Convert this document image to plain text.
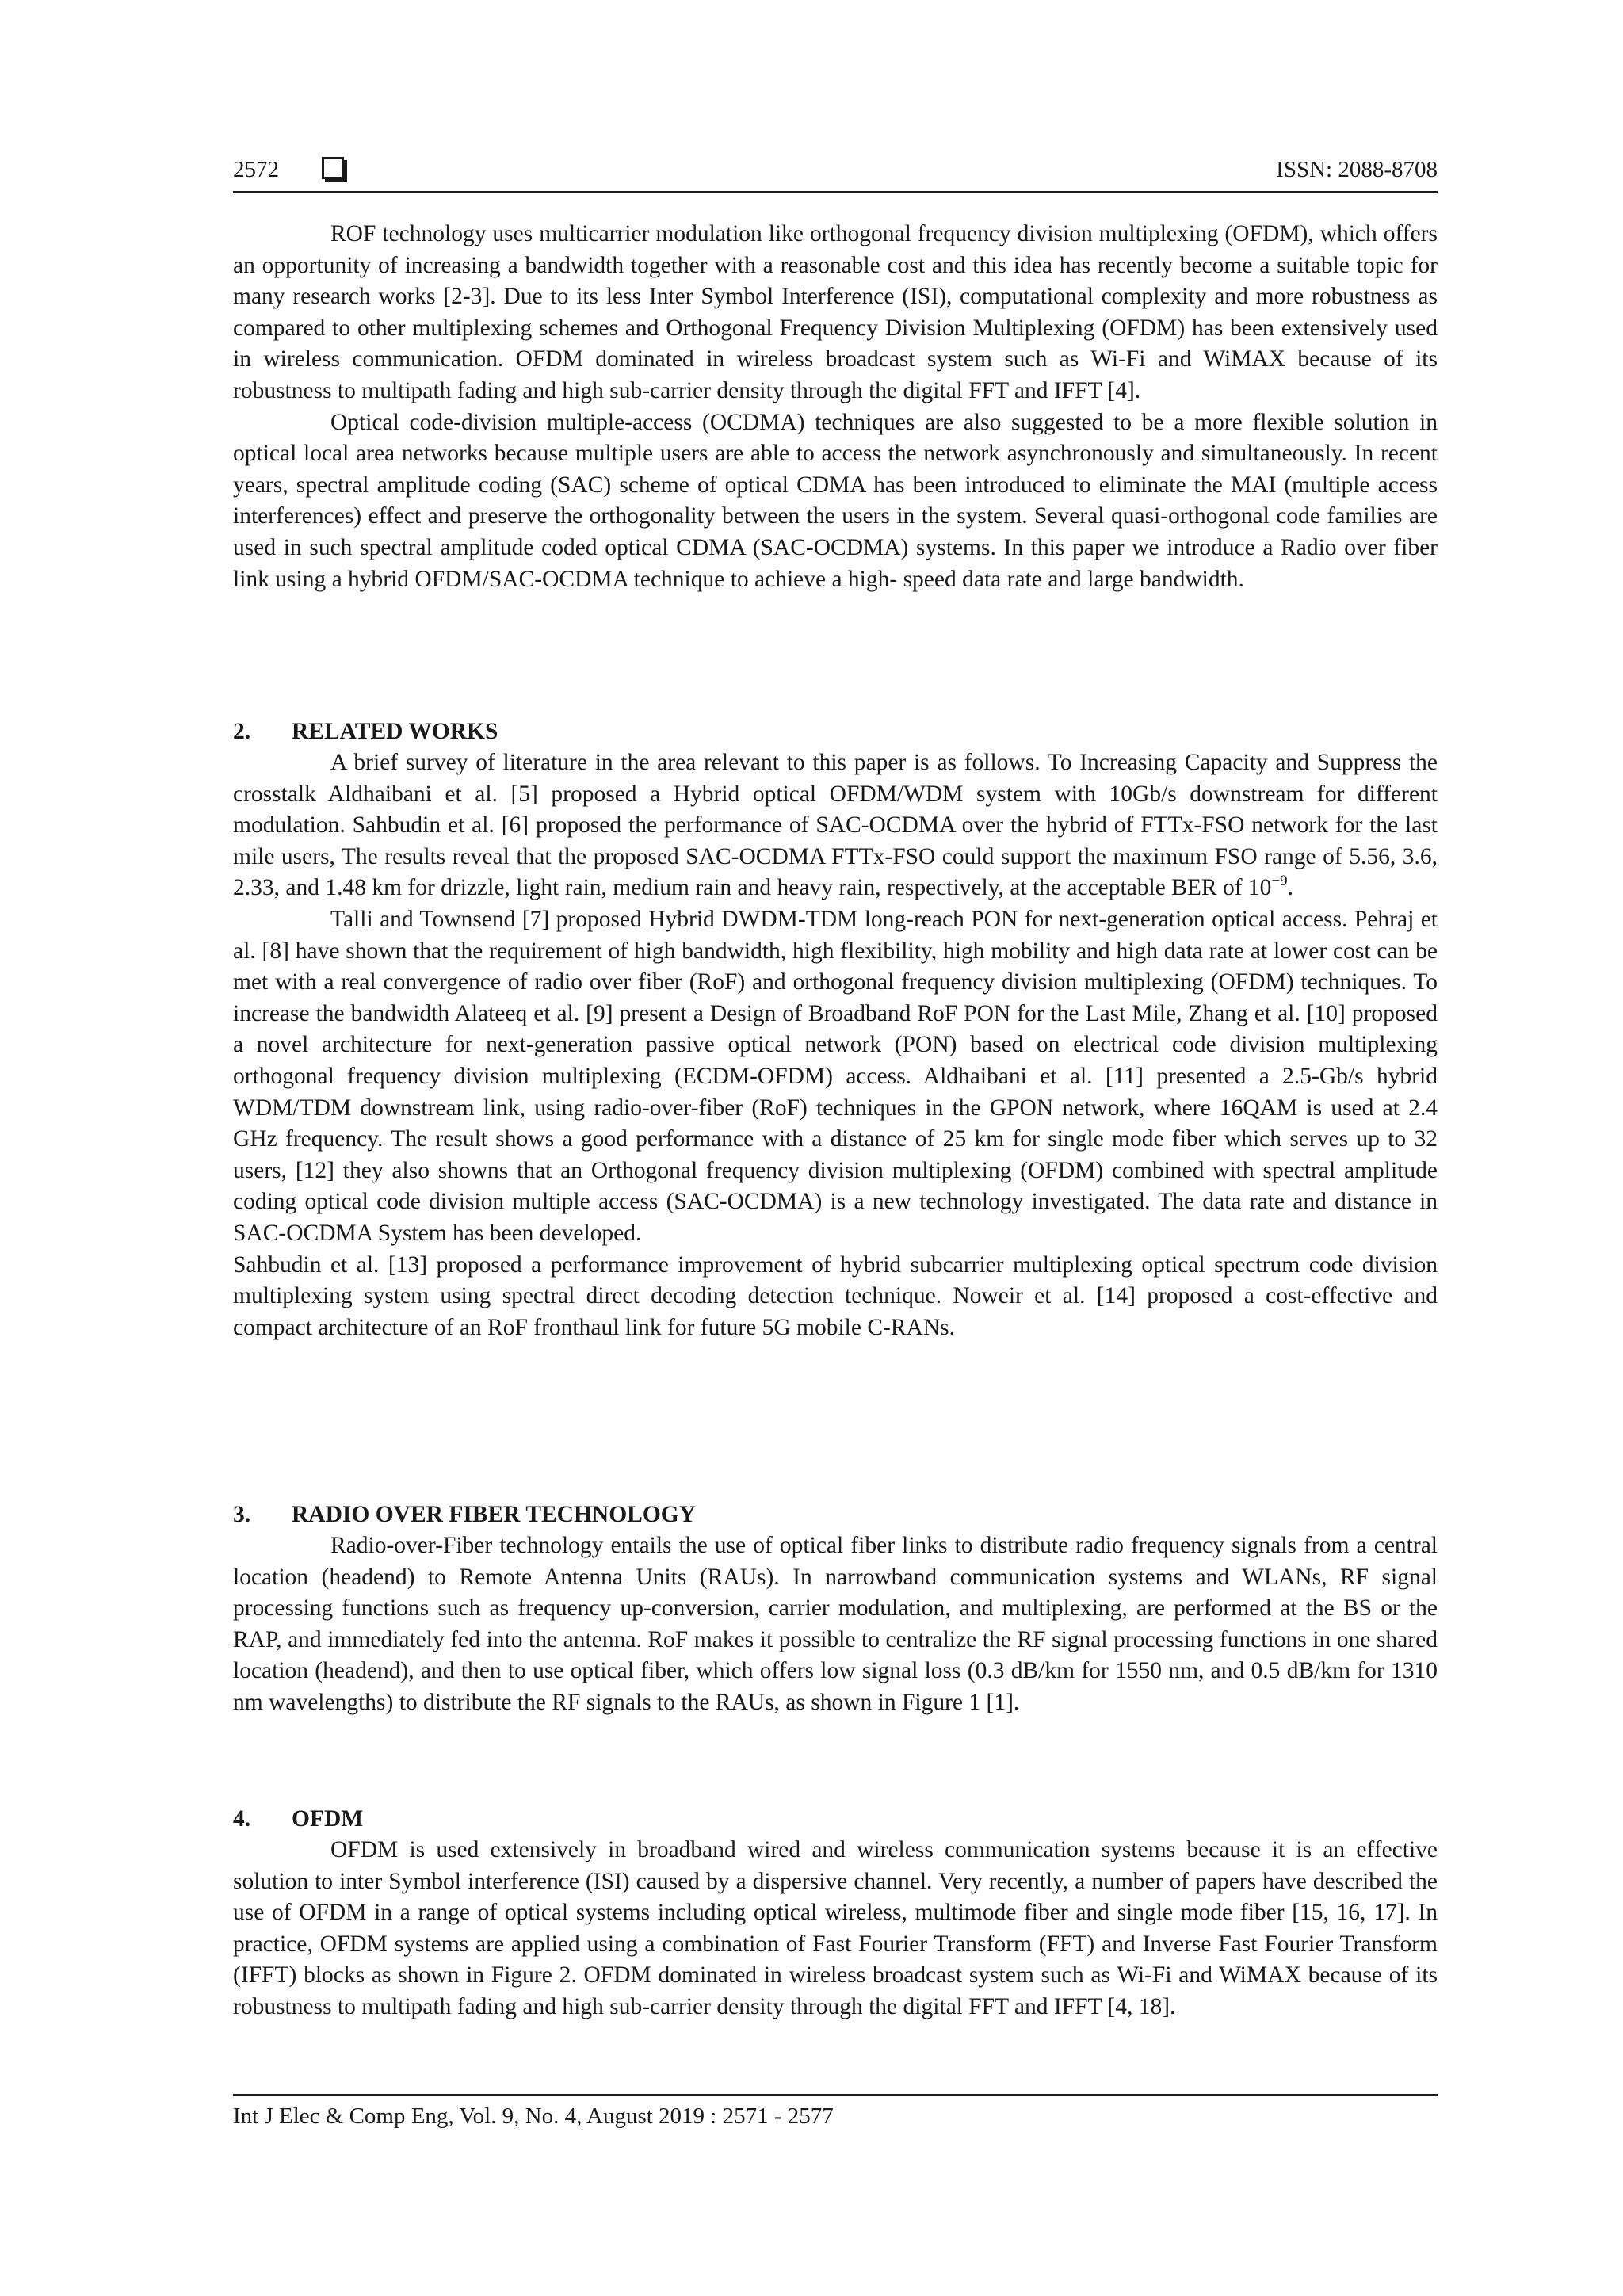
2572	ISSN: 2088-8708

ROF technology uses multicarrier modulation like orthogonal frequency division multiplexing (OFDM), which offers an opportunity of increasing a bandwidth together with a reasonable cost and this idea has recently become a suitable topic for many research works [2-3]. Due to its less Inter Symbol Interference (ISI), computational complexity and more robustness as compared to other multiplexing schemes and Orthogonal Frequency Division Multiplexing (OFDM) has been extensively used in wireless communication. OFDM dominated in wireless broadcast system such as Wi-Fi and WiMAX because of its robustness to multipath fading and high sub-carrier density through the digital FFT and IFFT [4].

Optical code-division multiple-access (OCDMA) techniques are also suggested to be a more flexible solution in optical local area networks because multiple users are able to access the network asynchronously and simultaneously. In recent years, spectral amplitude coding (SAC) scheme of optical CDMA has been introduced to eliminate the MAI (multiple access interferences) effect and preserve the orthogonality between the users in the system. Several quasi-orthogonal code families are used in such spectral amplitude coded optical CDMA (SAC-OCDMA) systems. In this paper we introduce a Radio over fiber link using a hybrid OFDM/SAC-OCDMA technique to achieve a high- speed data rate and large bandwidth.

2. RELATED WORKS

A brief survey of literature in the area relevant to this paper is as follows. To Increasing Capacity and Suppress the crosstalk Aldhaibani et al. [5] proposed a Hybrid optical OFDM/WDM system with 10Gb/s downstream for different modulation. Sahbudin et al. [6] proposed the performance of SAC-OCDMA over the hybrid of FTTx-FSO network for the last mile users, The results reveal that the proposed SAC-OCDMA FTTx-FSO could support the maximum FSO range of 5.56, 3.6, 2.33, and 1.48 km for drizzle, light rain, medium rain and heavy rain, respectively, at the acceptable BER of $10^{-9}$.

Talli and Townsend [7] proposed Hybrid DWDM-TDM long-reach PON for next-generation optical access. Pehraj et al. [8] have shown that the requirement of high bandwidth, high flexibility, high mobility and high data rate at lower cost can be met with a real convergence of radio over fiber (RoF) and orthogonal frequency division multiplexing (OFDM) techniques. To increase the bandwidth Alateeq et al. [9] present a Design of Broadband RoF PON for the Last Mile, Zhang et al. [10] proposed a novel architecture for next-generation passive optical network (PON) based on electrical code division multiplexing orthogonal frequency division multiplexing (ECDM-OFDM) access. Aldhaibani et al. [11] presented a 2.5-Gb/s hybrid WDM/TDM downstream link, using radio-over-fiber (RoF) techniques in the GPON network, where 16QAM is used at 2.4 GHz frequency. The result shows a good performance with a distance of 25 km for single mode fiber which serves up to 32 users, [12] they also showns that an Orthogonal frequency division multiplexing (OFDM) combined with spectral amplitude coding optical code division multiple access (SAC-OCDMA) is a new technology investigated. The data rate and distance in SAC-OCDMA System has been developed.

Sahbudin et al. [13] proposed a performance improvement of hybrid subcarrier multiplexing optical spectrum code division multiplexing system using spectral direct decoding detection technique. Noweir et al. [14] proposed a cost-effective and compact architecture of an RoF fronthaul link for future 5G mobile C-RANs.

3. RADIO OVER FIBER TECHNOLOGY

Radio-over-Fiber technology entails the use of optical fiber links to distribute radio frequency signals from a central location (headend) to Remote Antenna Units (RAUs). In narrowband communication systems and WLANs, RF signal processing functions such as frequency up-conversion, carrier modulation, and multiplexing, are performed at the BS or the RAP, and immediately fed into the antenna. RoF makes it possible to centralize the RF signal processing functions in one shared location (headend), and then to use optical fiber, which offers low signal loss (0.3 dB/km for 1550 nm, and 0.5 dB/km for 1310 nm wavelengths) to distribute the RF signals to the RAUs, as shown in Figure 1 [1].

4. OFDM

OFDM is used extensively in broadband wired and wireless communication systems because it is an effective solution to inter Symbol interference (ISI) caused by a dispersive channel. Very recently, a number of papers have described the use of OFDM in a range of optical systems including optical wireless, multimode fiber and single mode fiber [15, 16, 17]. In practice, OFDM systems are applied using a combination of Fast Fourier Transform (FFT) and Inverse Fast Fourier Transform (IFFT) blocks as shown in Figure 2. OFDM dominated in wireless broadcast system such as Wi-Fi and WiMAX because of its robustness to multipath fading and high sub-carrier density through the digital FFT and IFFT [4, 18].

Int J Elec & Comp Eng, Vol. 9, No. 4, August 2019 : 2571 - 2577
